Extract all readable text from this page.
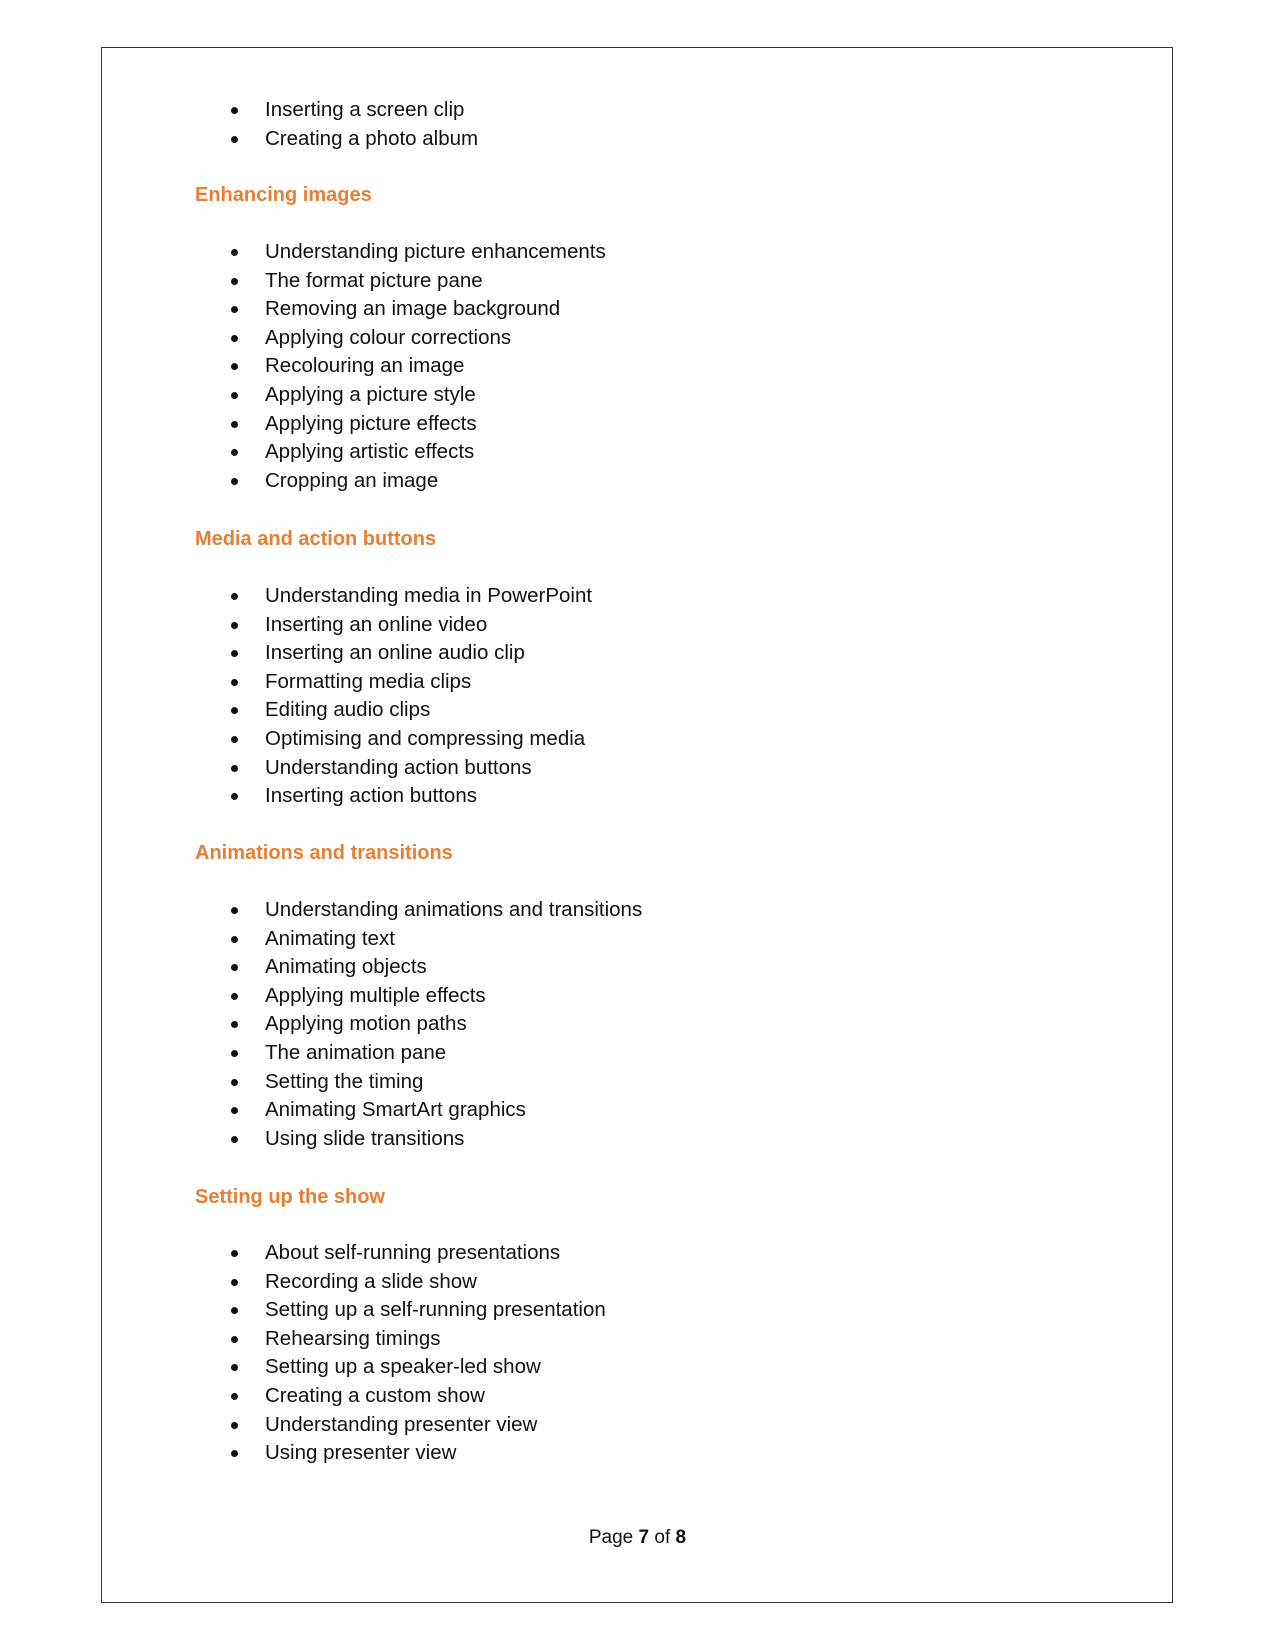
Inserting a screen clip
Creating a photo album
Enhancing images
Understanding picture enhancements
The format picture pane
Removing an image background
Applying colour corrections
Recolouring an image
Applying a picture style
Applying picture effects
Applying artistic effects
Cropping an image
Media and action buttons
Understanding media in PowerPoint
Inserting an online video
Inserting an online audio clip
Formatting media clips
Editing audio clips
Optimising and compressing media
Understanding action buttons
Inserting action buttons
Animations and transitions
Understanding animations and transitions
Animating text
Animating objects
Applying multiple effects
Applying motion paths
The animation pane
Setting the timing
Animating SmartArt graphics
Using slide transitions
Setting up the show
About self-running presentations
Recording a slide show
Setting up a self-running presentation
Rehearsing timings
Setting up a speaker-led show
Creating a custom show
Understanding presenter view
Using presenter view
Page 7 of 8
